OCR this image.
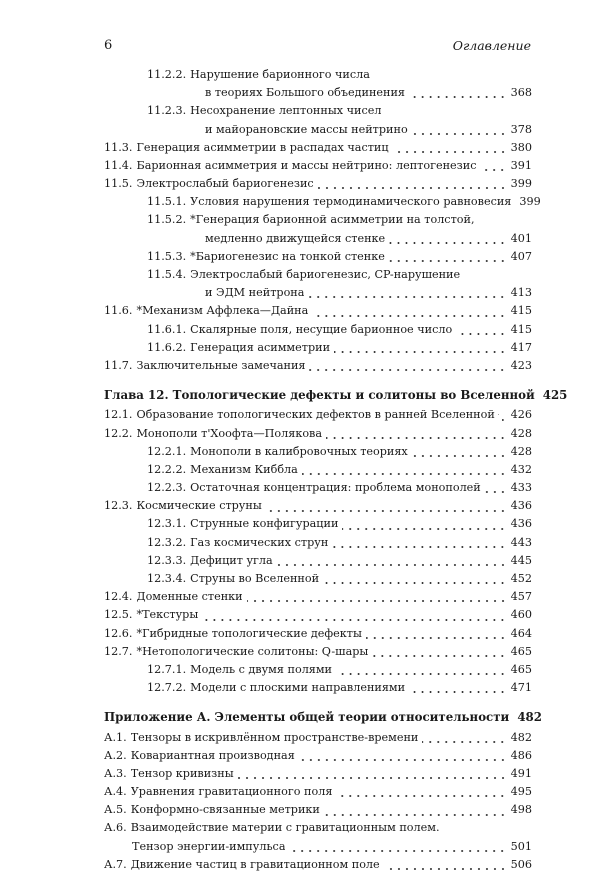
6	Оглавление
11.2.2. Нарушение барионного числа
в теориях Большого объединения	368
11.2.3. Несохранение лептонных чисел
и майорановские массы нейтрино	378
11.3. Генерация асимметрии в распадах частиц	380
11.4. Барионная асимметрия и массы нейтрино: лептогенезис	391
11.5. Электрослабый бариогенезис	399
11.5.1. Условия нарушения термодинамического равновесия 399
11.5.2. *Генерация барионной асимметрии на толстой,
медленно движущейся стенке	401
11.5.3. *Бариогенезис на тонкой стенке	407
11.5.4. Электрослабый бариогенезис, CP-нарушение
и ЭДМ нейтрона	413
11.6. *Механизм Аффлека—Дайна	415
11.6.1. Скалярные поля, несущие барионное число	415
11.6.2. Генерация асимметрии	417
11.7. Заключительные замечания	423
Глава 12. Топологические дефекты и солитоны во Вселенной 425
12.1. Образование топологических дефектов в ранней Вселенной 426
12.2. Монополи т'Хоофта—Полякова	428
12.2.1. Монополи в калибровочных теориях	428
12.2.2. Механизм Киббла	432
12.2.3. Остаточная концентрация: проблема монополей	433
12.3. Космические струны	436
12.3.1. Струнные конфигурации	436
12.3.2. Газ космических струн	443
12.3.3. Дефицит угла	445
12.3.4. Струны во Вселенной	452
12.4. Доменные стенки	457
12.5. *Текстуры	460
12.6. *Гибридные топологические дефекты	464
12.7. *Нетопологические солитоны: Q-шары	465
12.7.1. Модель с двумя полями	465
12.7.2. Модели с плоскими направлениями	471
Приложение А. Элементы общей теории относительности 482
А.1. Тензоры в искривлённом пространстве-времени	482
А.2. Ковариантная производная	486
А.3. Тензор кривизны	491
А.4. Уравнения гравитационного поля	495
А.5. Конформно-связанные метрики	498
А.6. Взаимодействие материи с гравитационным полем.
Тензор энергии-импульса	501
А.7. Движение частиц в гравитационном поле	506
